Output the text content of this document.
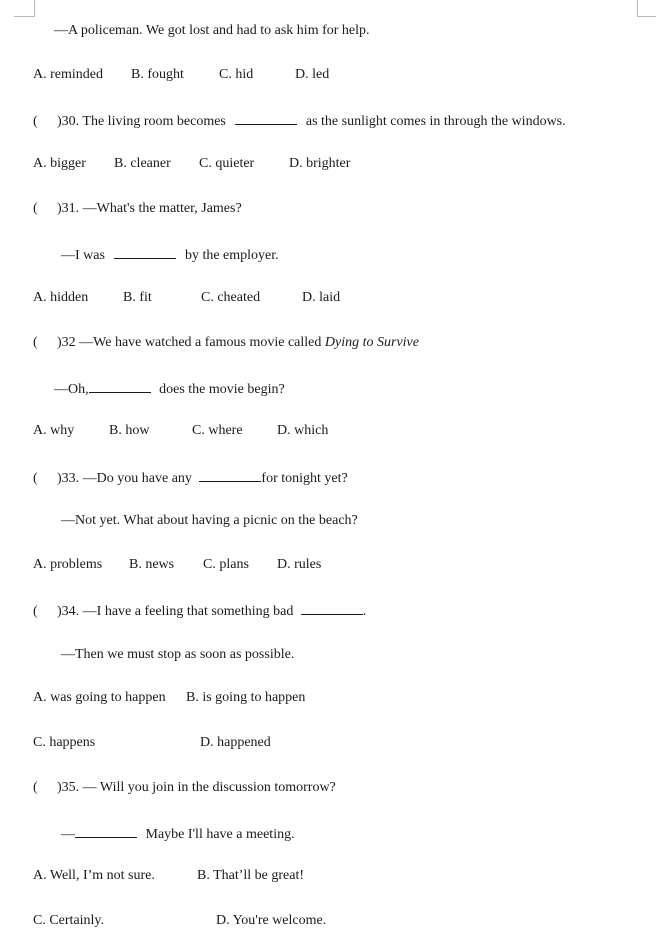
—A policeman. We got lost and had to ask him for help.
A. reminded B. fought	C. hid	D. led
( )30. The living room becomes	as the sunlight comes in through the windows.
A. bigger B. cleaner C. quieter D. brighter
( )31. —What's the matter, James?
—I was	by the employer.
A. hidden B. fit	C. cheated	D. laid
( )32 —We have watched a famous movie called Dying to Survive
—Oh,	does the movie begin?
A. why B. how	C. where D. which
( )33. —Do you have any	for tonight yet?
—Not yet. What about having a picnic on the beach?
A. problems B. news C. plans D. rules
( )34. —I have a feeling that something bad	.
—Then we must stop as soon as possible.
A. was going to happen B. is going to happen
C. happens	D. happened
( )35. — Will you join in the discussion tomorrow?
—	Maybe I'll have a meeting.
A. Well, I’m not sure.	B. That’ll be great!
C. Certainly.	D. You're welcome.
